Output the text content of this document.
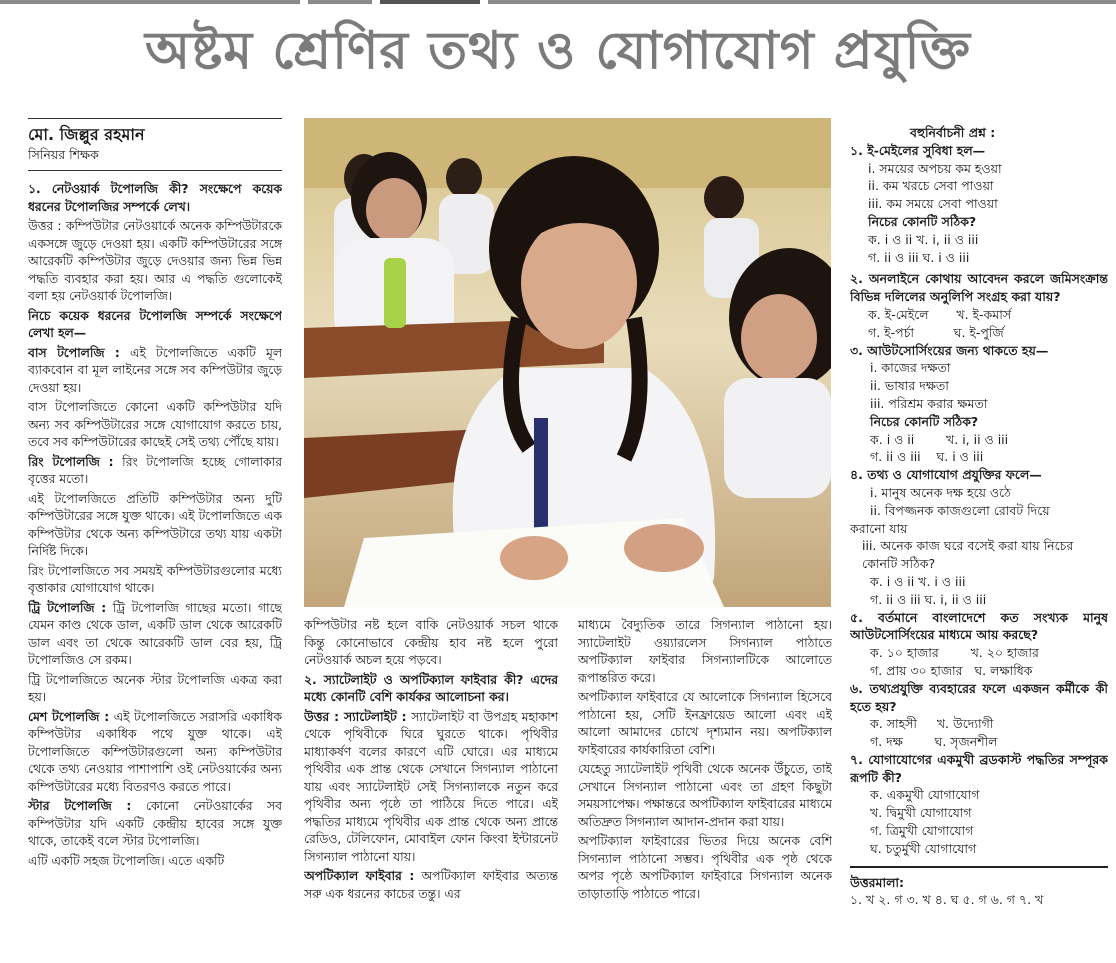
অষ্টম শ্রেণির তথ্য ও যোগাযোগ প্রযুক্তি
মো. জিল্লুর রহমান
সিনিয়র শিক্ষক

১. নেটওয়ার্ক টপোলজি কী? সংক্ষেপে কয়েক ধরনের টপোলজির সম্পর্কে লেখ।

উত্তর : কম্পিউটার নেটওয়ার্কে অনেক কম্পিউটারকে একসঙ্গে জুড়ে দেওয়া হয়। একটি কম্পিউটারের সঙ্গে আরেকটি কম্পিউটার জুড়ে দেওয়ার জন্য ভিন্ন ভিন্ন পদ্ধতি ব্যবহার করা হয়। আর এ পদ্ধতি গুলোকেই বলা হয় নেটওয়ার্ক টপোলজি।

নিচে কয়েক ধরনের টপোলজি সম্পর্কে সংক্ষেপে লেখা হল—

বাস টপোলজি : এই টপোলজিতে একটি মূল ব্যাকবোন বা মূল লাইনের সঙ্গে সব কম্পিউটার জুড়ে দেওয়া হয়।

বাস টপোলজিতে কোনো একটি কম্পিউটার যদি অন্য সব কম্পিউটারের সঙ্গে যোগাযোগ করতে চায়, তবে সব কম্পিউটারের কাছেই সেই তথ্য পৌঁছে যায়।

রিং টপোলজি : রিং টপোলজি হচ্ছে গোলাকার বৃত্তের মতো।

এই টপোলজিতে প্রতিটি কম্পিউটার অন্য দুটি কম্পিউটারের সঙ্গে যুক্ত থাকে। এই টপোলজিতে এক কম্পিউটার থেকে অন্য কম্পিউটারে তথ্য যায় একটা নির্দিষ্ট দিকে।

রিং টপোলজিতে সব সময়ই কম্পিউটারগুলোর মধ্যে বৃত্তাকার যোগাযোগ থাকে।

ট্রি টপোলজি : ট্রি টপোলজি গাছের মতো। গাছে যেমন কাণ্ড থেকে ডাল, একটি ডাল থেকে আরেকটি ডাল এবং তা থেকে আরেকটি ডাল বের হয়, ট্রি টপোলজিও সে রকম।

ট্রি টপোলজিতে অনেক স্টার টপোলজি একত্র করা হয়।

মেশ টপোলজি : এই টপোলজিতে সরাসরি একাধিক কম্পিউটার একাধিক পথে যুক্ত থাকে। এই টপোলজিতে কম্পিউটারগুলো অন্য কম্পিউটার থেকে তথ্য নেওয়ার পাশাপাশি ওই নেটওয়ার্কের অন্য কম্পিউটারের মধ্যে বিতরণও করতে পারে।

স্টার টপোলজি : কোনো নেটওয়ার্কের সব কম্পিউটার যদি একটি কেন্দ্রীয় হাবের সঙ্গে যুক্ত থাকে, তাকেই বলে স্টার টপোলজি।

এটি একটি সহজ টপোলজি। এতে একটি

কম্পিউটার নষ্ট হলে বাকি নেটওয়ার্ক সচল থাকে কিন্তু কোনোভাবে কেন্দ্রীয় হাব নষ্ট হলে পুরো নেটওয়ার্ক অচল হয়ে পড়বে।

২. স্যাটেলাইট ও অপটিক্যাল ফাইবার কী? এদের মধ্যে কোনটি বেশি কার্যকর আলোচনা কর।

উত্তর : স্যাটেলাইট : স্যাটেলাইট বা উপগ্রহ মহাকাশ থেকে পৃথিবীকে ঘিরে ঘুরতে থাকে। পৃথিবীর মাধ্যাকর্ষণ বলের কারণে এটি ঘোরে। এর মাধ্যমে পৃথিবীর এক প্রান্ত থেকে সেখানে সিগন্যাল পাঠানো যায় এবং স্যাটেলাইট সেই সিগন্যালকে নতুন করে পৃথিবীর অন্য পৃষ্ঠে তা পাঠিয়ে দিতে পারে। এই পদ্ধতির মাধ্যমে পৃথিবীর এক প্রান্ত থেকে অন্য প্রান্তে রেডিও, টেলিফোন, মোবাইল ফোন কিংবা ইন্টারনেট সিগন্যাল পাঠানো যায়।

অপটিক্যাল ফাইবার : অপটিক্যাল ফাইবার অত্যন্ত সরু এক ধরনের কাচের তন্তু। এর

মাধ্যমে বৈদ্যুতিক তারে সিগন্যাল পাঠানো হয়। স্যাটেলাইট ওয়্যারলেস সিগন্যাল পাঠাতে অপটিক্যাল ফাইবার সিগন্যালটিকে আলোতে রূপান্তরিত করে।

অপটিক্যাল ফাইবারে যে আলোকে সিগন্যাল হিসেবে পাঠানো হয়, সেটি ইনফ্রায়েড আলো এবং এই আলো আমাদের চোখে দৃশ্যমান নয়। অপটিক্যাল ফাইবারের কার্যকারিতা বেশি।

যেহেতু স্যাটেলাইট পৃথিবী থেকে অনেক উঁচুতে, তাই সেখানে সিগন্যাল পাঠানো এবং তা গ্রহণ কিছুটা সময়সাপেক্ষ। পক্ষান্তরে অপটিক্যাল ফাইবারের মাধ্যমে অতিদ্রুত সিগন্যাল আদান-প্রদান করা যায়।

অপটিক্যাল ফাইবারের ভিতর দিয়ে অনেক বেশি সিগন্যাল পাঠানো সম্ভব। পৃথিবীর এক পৃষ্ঠ থেকে অপর পৃষ্ঠে অপটিক্যাল ফাইবারে সিগন্যাল অনেক তাড়াতাড়ি পাঠাতে পারে।

বহুনির্বাচনী প্রশ্ন :

১. ই-মেইলের সুবিধা হল—

i. সময়ের অপচয় কম হওয়া

ii. কম খরচে সেবা পাওয়া

iii. কম সময়ে সেবা পাওয়া

নিচের কোনটি সঠিক?

ক. i ও ii খ. i, ii ও iii

গ. ii ও iii ঘ. i ও iii

২. অনলাইনে কোথায় আবেদন করলে জমিসংক্রান্ত বিভিন্ন দলিলের অনুলিপি সংগ্রহ করা যায়?

ক. ই-মেইলে       খ. ই-কমার্স

গ. ই-পর্চা          ঘ. ই-পুর্জি

৩. আউটসোর্সিংয়ের জন্য থাকতে হয়—

i. কাজের দক্ষতা

ii. ভাষার দক্ষতা

iii. পরিশ্রম করার ক্ষমতা

নিচের কোনটি সঠিক?

ক. i ও ii        খ. i, ii ও iii

গ. ii ও iii    ঘ. i ও iii

৪. তথ্য ও যোগাযোগ প্রযুক্তির ফলে—

i. মানুষ অনেক দক্ষ হয়ে ওঠে

ii. বিপজ্জনক কাজগুলো রোবট দিয়ে

করানো যায়

iii. অনেক কাজ ঘরে বসেই করা যায় নিচের কোনটি সঠিক?

ক. i ও ii খ. i ও iii

গ. ii ও iii ঘ. i, ii ও iii

৫. বর্তমানে বাংলাদেশে কত সংখ্যক মানুষ আউটসোর্সিংয়ের মাধ্যমে আয় করছে?

ক. ১০ হাজার        খ. ২০ হাজার

গ. প্রায় ৩০ হাজার   ঘ. লক্ষাধিক

৬. তথ্যপ্রযুক্তি ব্যবহারের ফলে একজন কর্মীকে কী হতে হয়?

ক. সাহসী     খ. উদ্যোগী

গ. দক্ষ        ঘ. সৃজনশীল

৭. যোগাযোগের একমুখী ব্রডকাস্ট পদ্ধতির সম্পূরক রূপটি কী?

ক. একমুখী যোগাযোগ

খ. দ্বিমুখী যোগাযোগ

গ. ত্রিমুখী যোগাযোগ

ঘ. চতুর্মুখী যোগাযোগ

উত্তরমালা:

১. খ ২. গ ৩. খ ৪. ঘ ৫. গ ৬. গ ৭. খ
